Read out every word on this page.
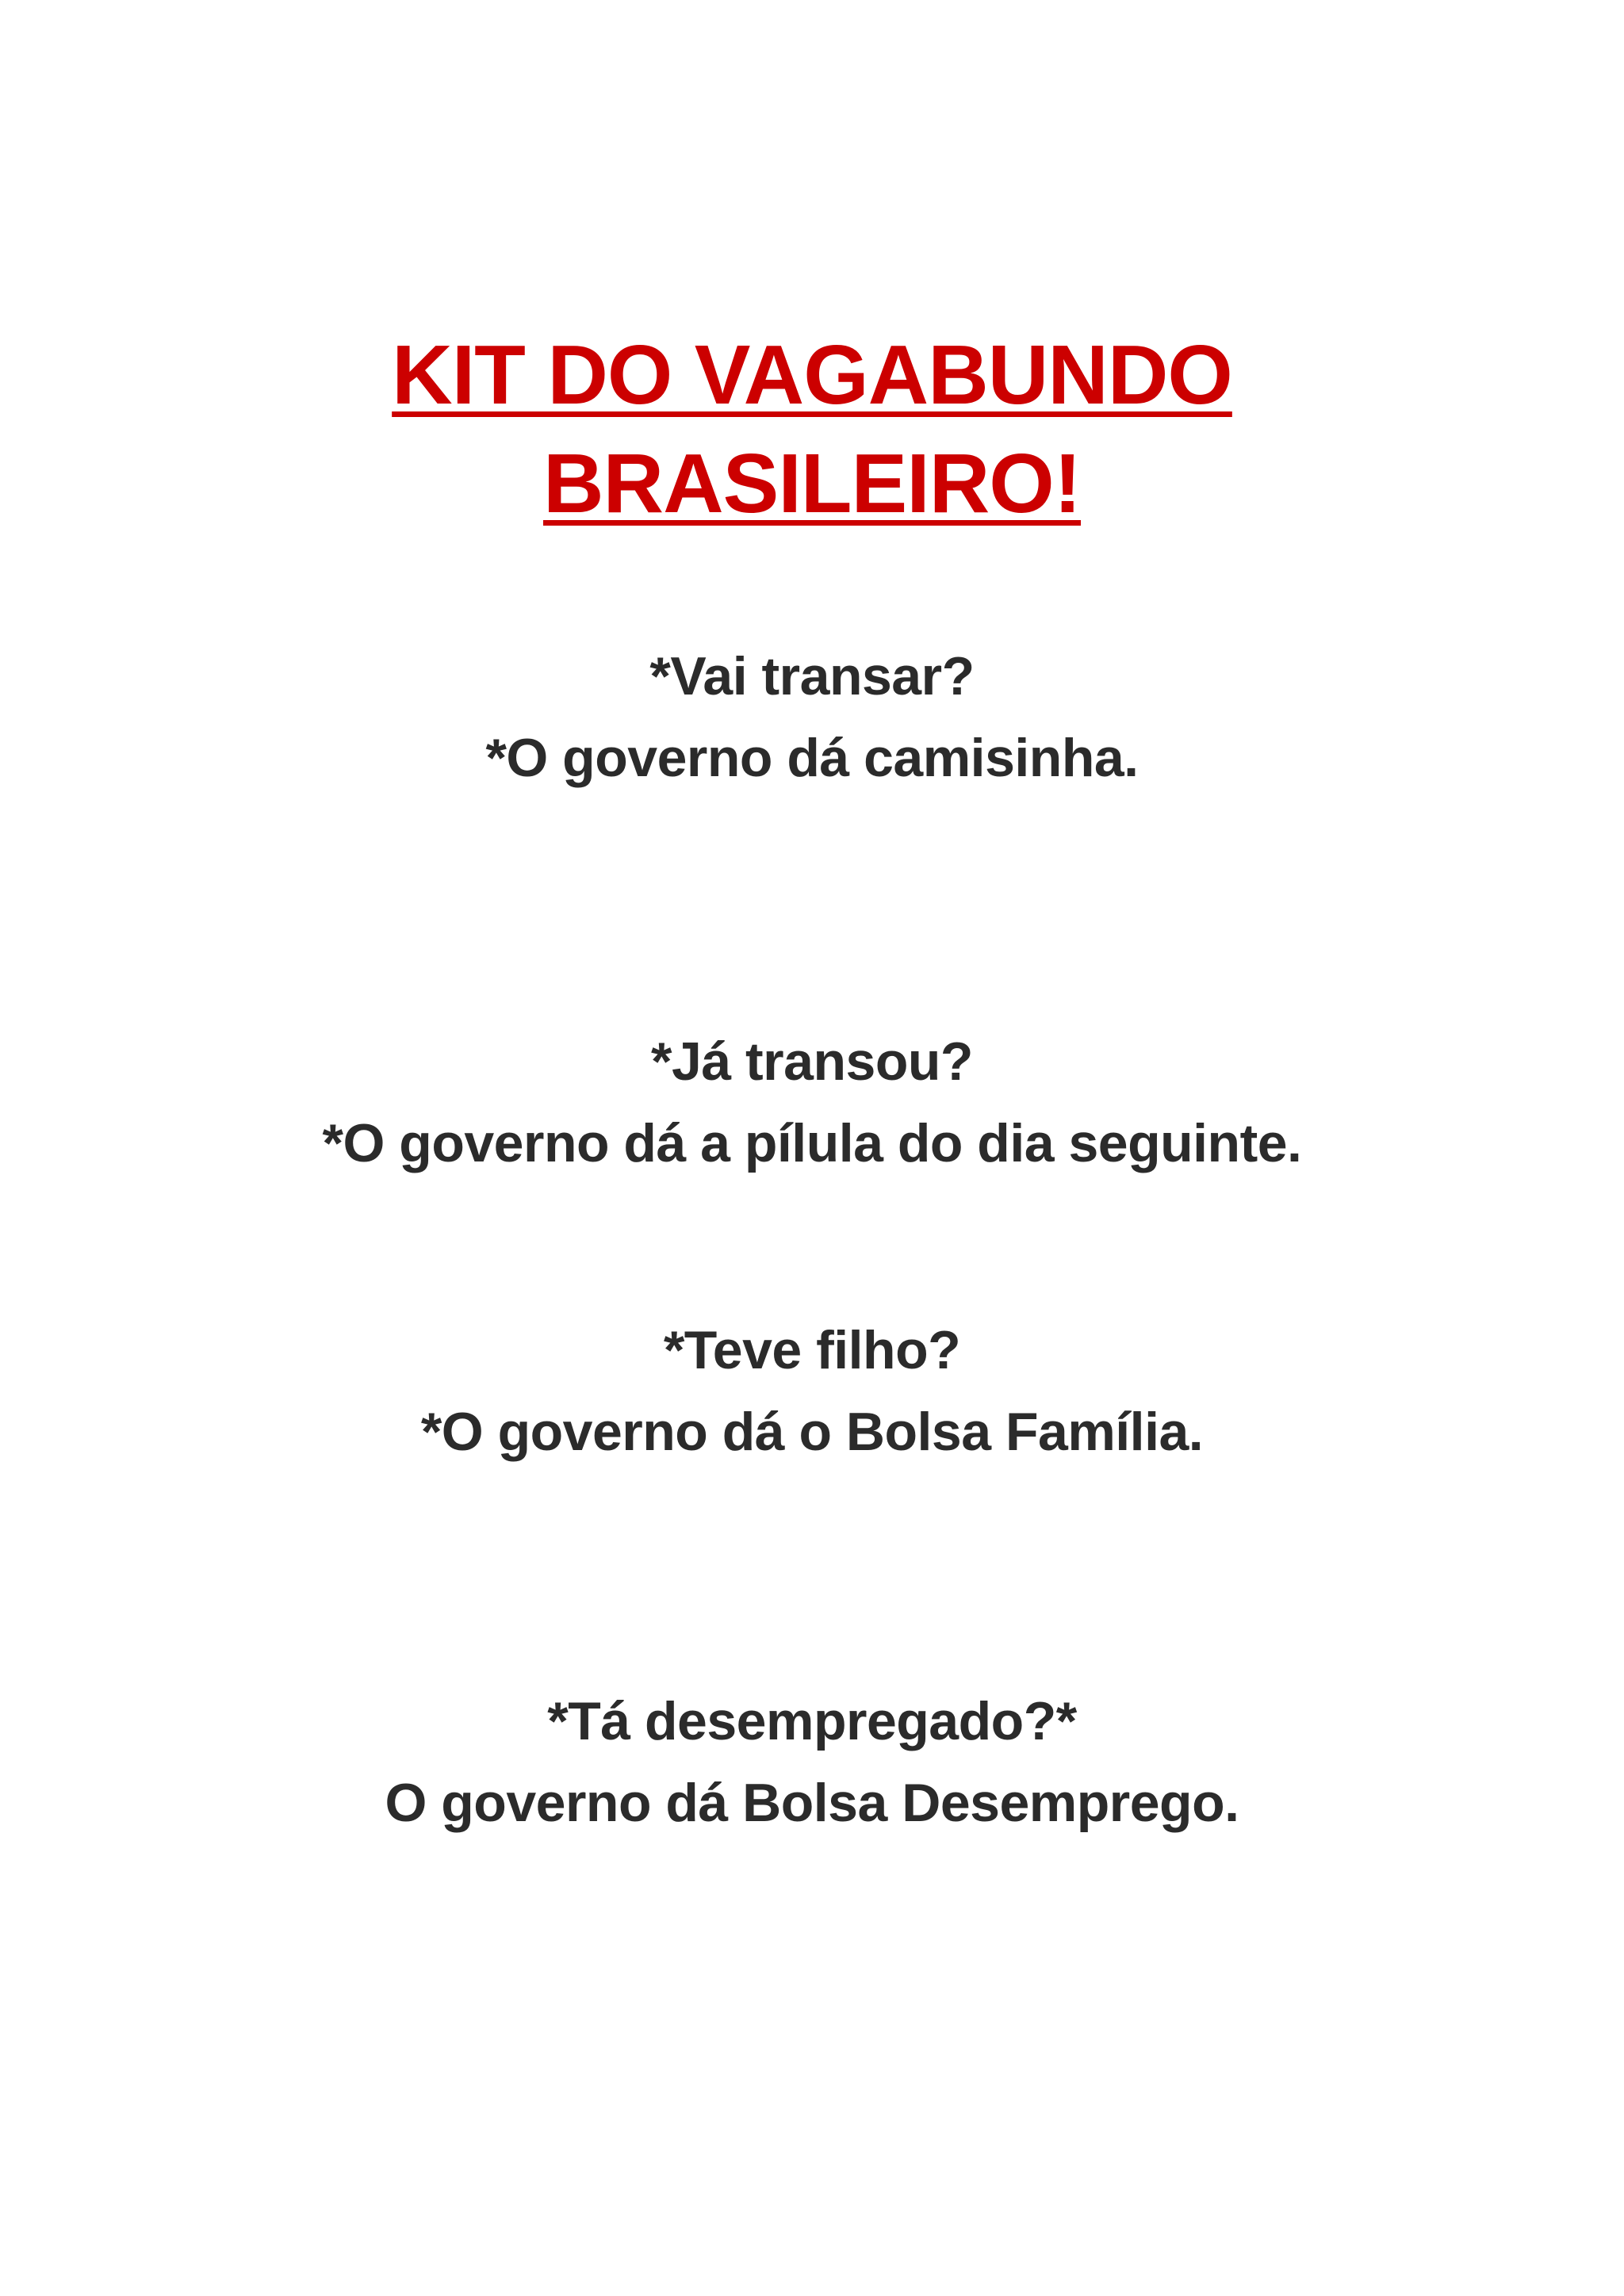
KIT DO VAGABUNDO
BRASILEIRO!
*Vai transar?
*O governo dá camisinha.
*Já transou?
*O governo dá a pílula do dia seguinte.
*Teve filho?
*O governo dá o Bolsa Família.
*Tá desempregado?*
O governo dá Bolsa Desemprego.
